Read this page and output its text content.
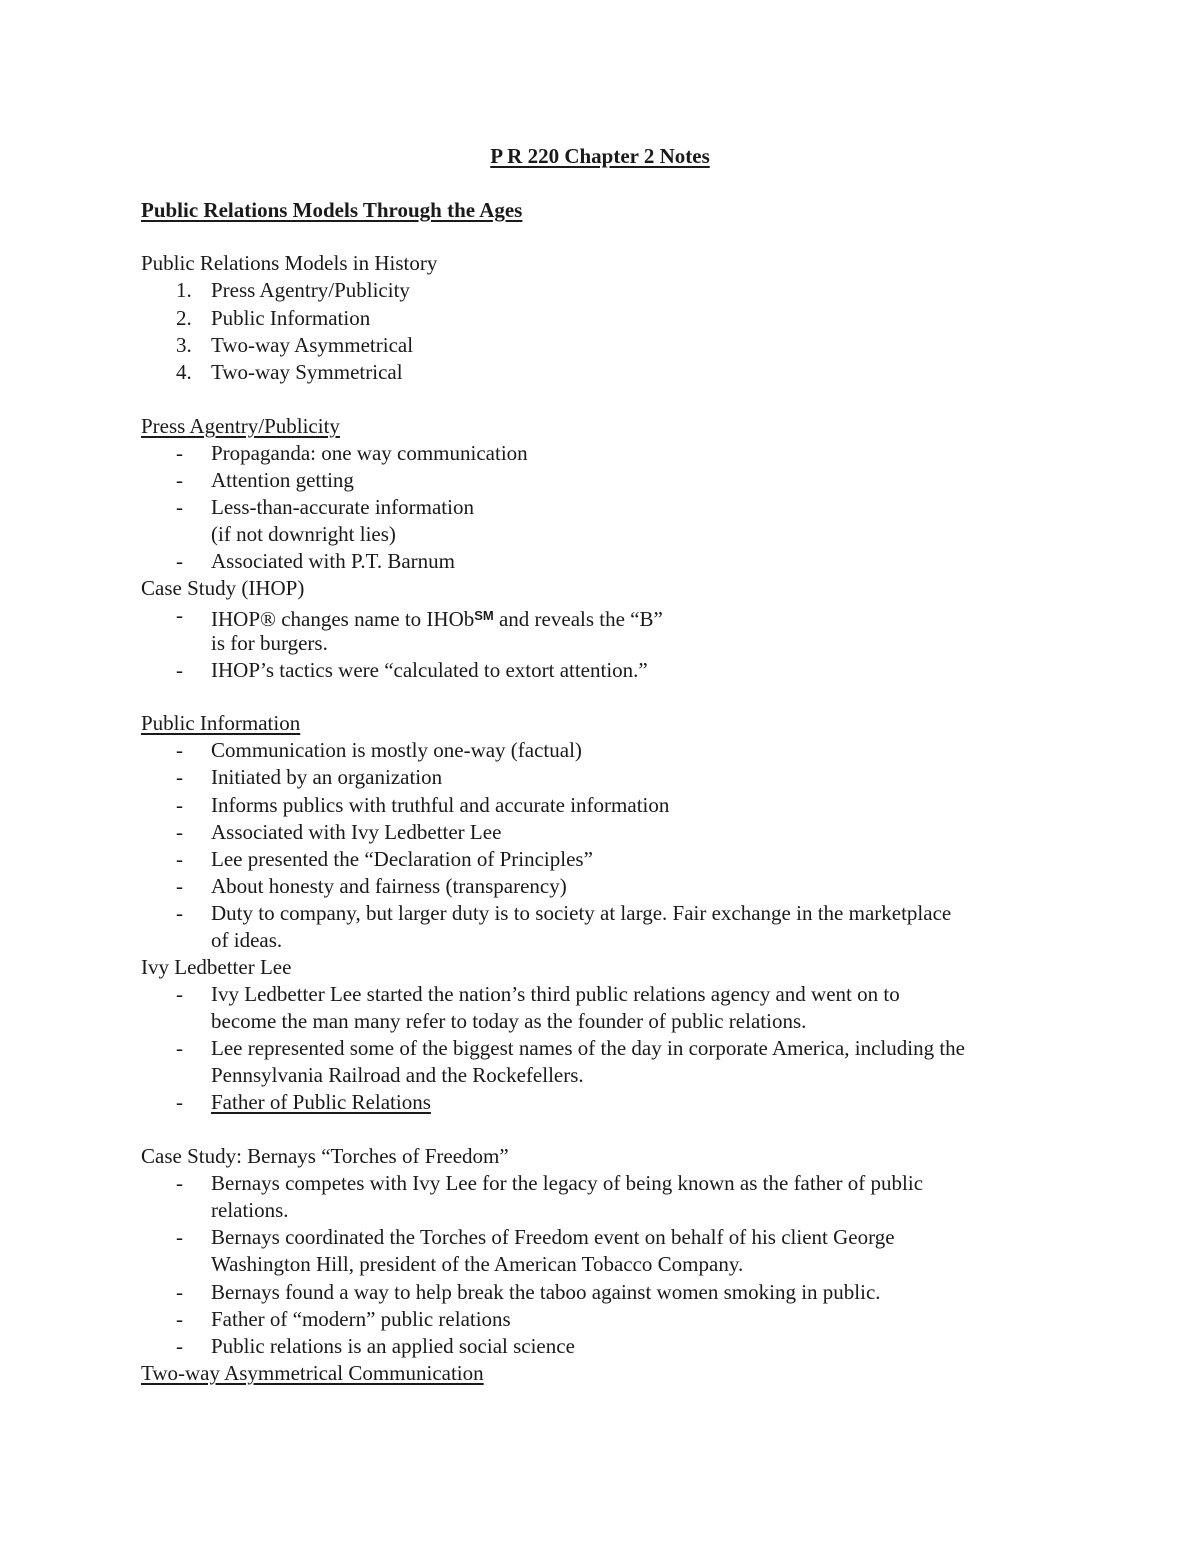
P R 220 Chapter 2 Notes
Public Relations Models Through the Ages
Public Relations Models in History
1. Press Agentry/Publicity
2. Public Information
3. Two-way Asymmetrical
4. Two-way Symmetrical
Press Agentry/Publicity
- Propaganda: one way communication
- Attention getting
- Less-than-accurate information
(if not downright lies)
- Associated with P.T. Barnum
Case Study (IHOP)
- IHOP® changes name to IHOb℠ and reveals the “B”
is for burgers.
- IHOP’s tactics were “calculated to extort attention.”
Public Information
- Communication is mostly one-way (factual)
- Initiated by an organization
- Informs publics with truthful and accurate information
- Associated with Ivy Ledbetter Lee
- Lee presented the “Declaration of Principles”
- About honesty and fairness (transparency)
- Duty to company, but larger duty is to society at large. Fair exchange in the marketplace
of ideas.
Ivy Ledbetter Lee
- Ivy Ledbetter Lee started the nation’s third public relations agency and went on to
become the man many refer to today as the founder of public relations.
- Lee represented some of the biggest names of the day in corporate America, including the
Pennsylvania Railroad and the Rockefellers.
- Father of Public Relations
Case Study: Bernays “Torches of Freedom”
- Bernays competes with Ivy Lee for the legacy of being known as the father of public
relations.
- Bernays coordinated the Torches of Freedom event on behalf of his client George
Washington Hill, president of the American Tobacco Company.
- Bernays found a way to help break the taboo against women smoking in public.
- Father of “modern” public relations
- Public relations is an applied social science
Two-way Asymmetrical Communication
